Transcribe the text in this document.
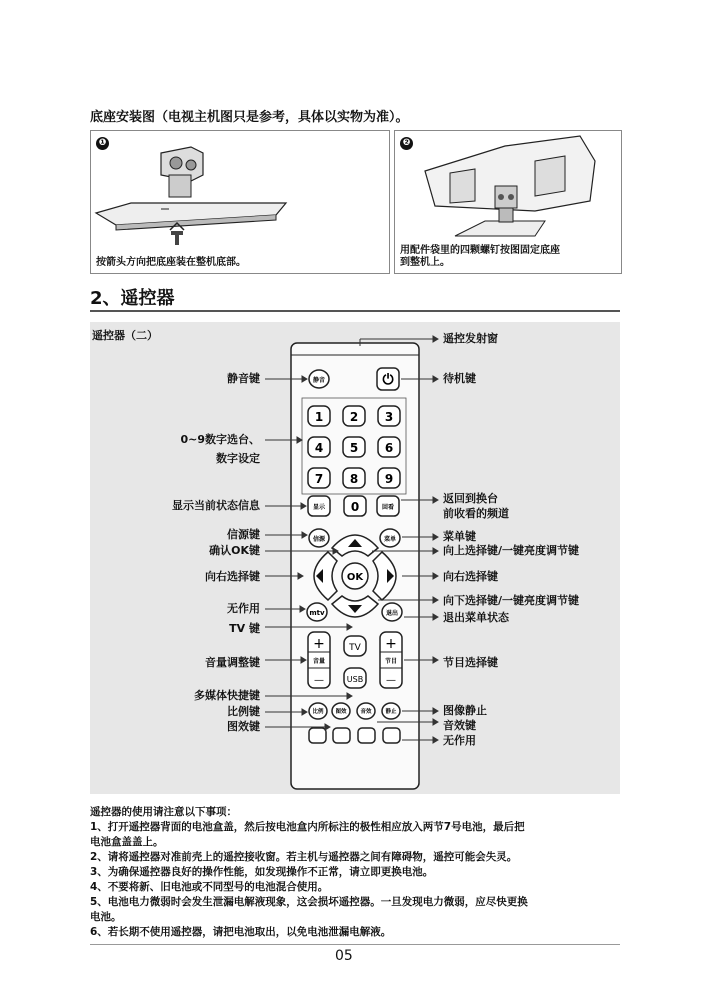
底座安装图（电视主机图只是参考，具体以实物为准）。
❶
按箭头方向把底座装在整机底部。
❷
用配件袋里的四颗螺钉按图固定底座
到整机上。
2、遥控器
遥控器（二）
静音	⏻
1 2 3
4 5 6
7 8 9
显示 0	回看
信源	菜单
OK
mtv	退出
+
音量
—
+
节目
—
TV
USB
比例 图效	音效	静止
静音键
0~9数字选台、
数字设定
显示当前状态信息
信源键
确认OK键
向右选择键
无作用
TV 键
音量调整键
多媒体快捷键
比例键
图效键
遥控发射窗
待机键
返回到换台
前收看的频道
菜单键
向上选择键/一键亮度调节键
向右选择键
向下选择键/一键亮度调节键
退出菜单状态
节目选择键
图像静止
音效键
无作用

遥控器的使用请注意以下事项：

1、打开遥控器背面的电池盒盖，然后按电池盒内所标注的极性相应放入两节7号电池，最后把

电池盒盖盖上。

2、请将遥控器对准前壳上的遥控接收窗。若主机与遥控器之间有障碍物，遥控可能会失灵。

3、为确保遥控器良好的操作性能，如发现操作不正常，请立即更换电池。

4、不要将新、旧电池或不同型号的电池混合使用。

5、电池电力微弱时会发生泄漏电解液现象，这会损坏遥控器。一旦发现电力微弱，应尽快更换

电池。

6、若长期不使用遥控器，请把电池取出，以免电池泄漏电解液。

05
